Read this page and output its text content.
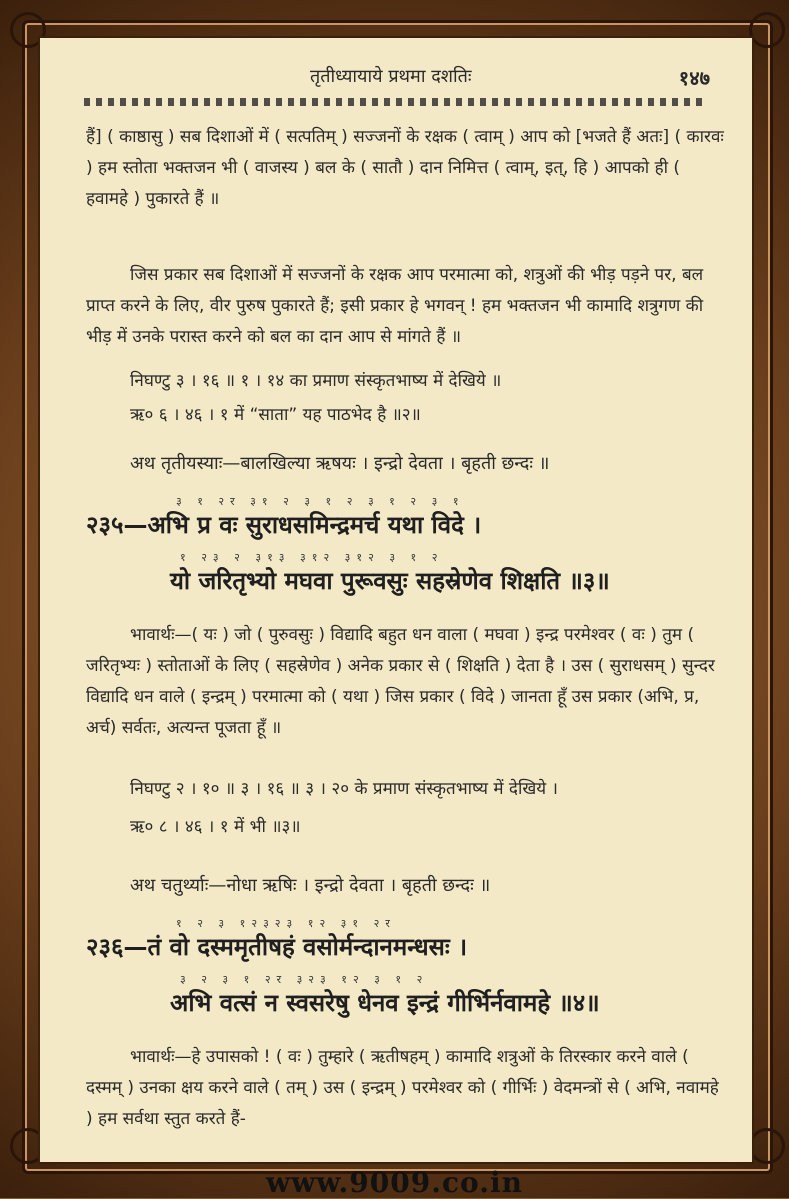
तृतीध्यायाये प्रथमा दशतिः	१४७
हैं] ( काष्ठासु ) सब दिशाओं में ( सत्पतिम् ) सज्जनों के रक्षक ( त्वाम् ) आप को [भजते हैं अतः] ( कारवः ) हम स्तोता भक्तजन भी ( वाजस्य ) बल के ( सातौ ) दान निमित्त ( त्वाम्, इत्, हि ) आपको ही ( हवामहे ) पुकारते हैं ॥
जिस प्रकार सब दिशाओं में सज्जनों के रक्षक आप परमात्मा को, शत्रुओं की भीड़ पड़ने पर, बल प्राप्त करने के लिए, वीर पुरुष पुकारते हैं; इसी प्रकार हे भगवन् ! हम भक्तजन भी कामादि शत्रुगण की भीड़ में उनके परास्त करने को बल का दान आप से मांगते हैं ॥
निघण्टु ३ । १६ ॥ १ । १४ का प्रमाण संस्कृतभाष्य में देखिये ॥
ऋ० ६ । ४६ । १ में “साता” यह पाठभेद है ॥२॥
अथ तृतीयस्याः—बालखिल्या ऋषयः । इन्द्रो देवता । बृहती छन्दः ॥
३ १ २र ३१ २ ३ १ २ ३ १ २ ३ १
२३५—अभि प्र वः सुराधसमिन्द्रमर्च यथा विदे ।
१ २३ २ ३१३ ३१२ ३१२ ३ १ २
यो जरितृभ्यो मघवा पुरूवसुः सहस्रेणेव शिक्षति ॥३॥
भावार्थः—( यः ) जो ( पुरुवसुः ) विद्यादि बहुत धन वाला ( मघवा ) इन्द्र परमेश्वर ( वः ) तुम ( जरितृभ्यः ) स्तोताओं के लिए ( सहस्रेणेव ) अनेक प्रकार से ( शिक्षति ) देता है । उस ( सुराधसम् ) सुन्दर विद्यादि धन वाले ( इन्द्रम् ) परमात्मा को ( यथा ) जिस प्रकार ( विदे ) जानता हूँ उस प्रकार (अभि, प्र, अर्च) सर्वतः, अत्यन्त पूजता हूँ ॥
निघण्टु २ । १० ॥ ३ । १६ ॥ ३ । २० के प्रमाण संस्कृतभाष्य में देखिये ।
ऋ० ८ । ४६ । १ में भी ॥३॥
अथ चतुर्थ्याः—नोधा ऋषिः । इन्द्रो देवता । बृहती छन्दः ॥
१ २ ३ १२३२३ १२ ३१ २र
२३६—तं वो दस्ममृतीषहं वसोर्मन्दानमन्धसः ।
३ २ ३ १ २र ३२३ १२ ३ १ २
अभि वत्सं न स्वसरेषु धेनव इन्द्रं गीर्भिर्नवामहे ॥४॥
भावार्थः—हे उपासको ! ( वः ) तुम्हारे ( ऋतीषहम् ) कामादि शत्रुओं के तिरस्कार करने वाले ( दस्मम् ) उनका क्षय करने वाले ( तम् ) उस ( इन्द्रम् ) परमेश्वर को ( गीर्भिः ) वेदमन्त्रों से ( अभि, नवामहे ) हम सर्वथा स्तुत करते हैं-
www.9009.co.in
